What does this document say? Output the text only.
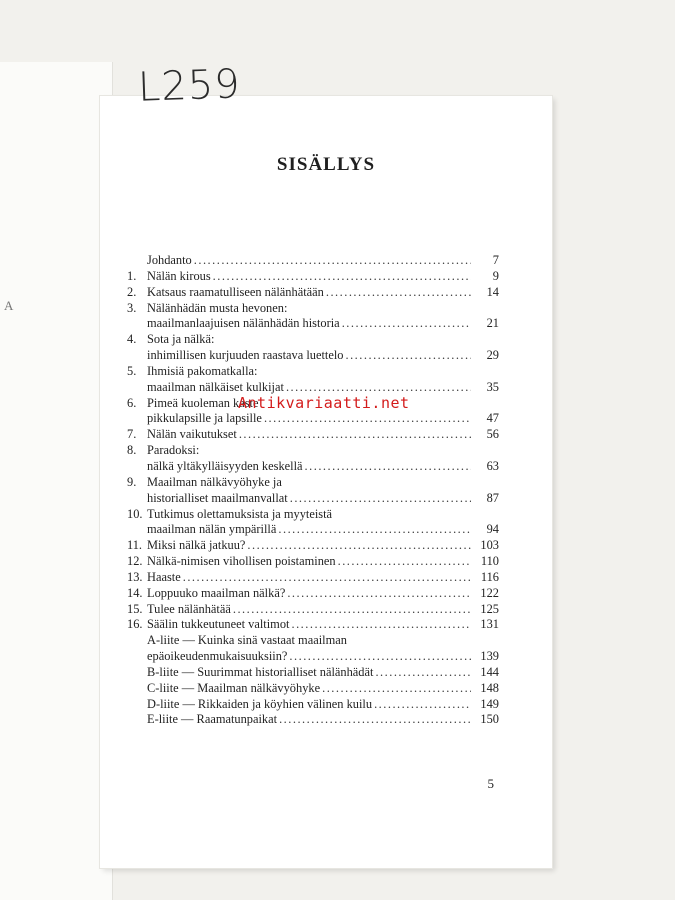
A
SISÄLLYS
Johdanto .....	7
1. Nälän kirous .....	9
2. Katsaus raamatulliseen nälänhätään .....	14
3. Nälänhädän musta hevonen:
maailmanlaajuisen nälänhädän historia .....	21
4. Sota ja nälkä:
inhimillisen kurjuuden raastava luettelo .....	29
5. Ihmisiä pakomatkalla:
maailman nälkäiset kulkijat .....	35
6. Pimeä kuoleman kaste
pikkulapsille ja lapsille .....	47
7. Nälän vaikutukset .....	56
8. Paradoksi:
nälkä yltäkylläisyyden keskellä .....	63
9. Maailman nälkävyöhyke ja
historialliset maailmanvallat .....	87
10. Tutkimus olettamuksista ja myyteistä
maailman nälän ympärillä .....	94
11. Miksi nälkä jatkuu? .....	103
12. Nälkä-nimisen vihollisen poistaminen .....	110
13. Haaste .....	116
14. Loppuuko maailman nälkä? .....	122
15. Tulee nälänhätää .....	125
16. Säälin tukkeutuneet valtimot .....	131
A-liite — Kuinka sinä vastaat maailman
epäoikeudenmukaisuuksiin? .....	139
B-liite — Suurimmat historialliset nälänhädät .....	144
C-liite — Maailman nälkävyöhyke .....	148
D-liite — Rikkaiden ja köyhien välinen kuilu .....	149
E-liite — Raamatunpaikat .....	150
5
L259
Antikvariaatti.net
